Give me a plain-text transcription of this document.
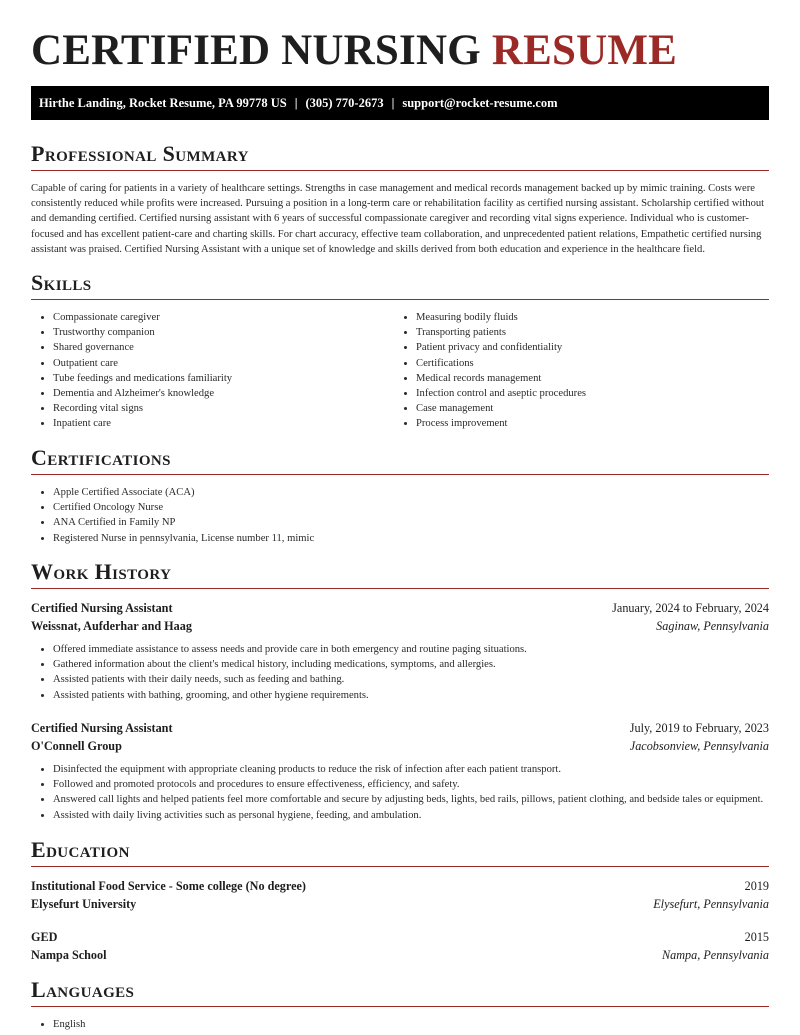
CERTIFIED NURSING RESUME
Hirthe Landing, Rocket Resume, PA 99778 US | (305) 770-2673 | support@rocket-resume.com
Professional Summary

Capable of caring for patients in a variety of healthcare settings. Strengths in case management and medical records management backed up by mimic training. Costs were consistently reduced while profits were increased. Pursuing a position in a long-term care or rehabilitation facility as certified nursing assistant. Scholarship certified without and demanding certified. Certified nursing assistant with 6 years of successful compassionate caregiver and recording vital signs experience. Individual who is customer-focused and has excellent patient-care and charting skills. For chart accuracy, effective team collaboration, and unprecedented patient relations, Empathetic certified nursing assistant was praised. Certified Nursing Assistant with a unique set of knowledge and skills derived from both education and experience in the healthcare field.

Skills
• Compassionate caregiver
• Trustworthy companion
• Shared governance
• Outpatient care
• Tube feedings and medications familiarity
• Dementia and Alzheimer's knowledge
• Recording vital signs
• Inpatient care
• Measuring bodily fluids
• Transporting patients
• Patient privacy and confidentiality
• Certifications
• Medical records management
• Infection control and aseptic procedures
• Case management
• Process improvement
Certifications
• Apple Certified Associate (ACA)
• Certified Oncology Nurse
• ANA Certified in Family NP
• Registered Nurse in pennsylvania, License number 11, mimic
Work History
Certified Nursing Assistant	January, 2024 to February, 2024
Weissnat, Aufderhar and Haag	Saginaw, Pennsylvania
• Offered immediate assistance to assess needs and provide care in both emergency and routine paging situations.
• Gathered information about the client's medical history, including medications, symptoms, and allergies.
• Assisted patients with their daily needs, such as feeding and bathing.
• Assisted patients with bathing, grooming, and other hygiene requirements.
Certified Nursing Assistant	July, 2019 to February, 2023
O'Connell Group	Jacobsonview, Pennsylvania
• Disinfected the equipment with appropriate cleaning products to reduce the risk of infection after each patient transport.
• Followed and promoted protocols and procedures to ensure effectiveness, efficiency, and safety.
• Answered call lights and helped patients feel more comfortable and secure by adjusting beds, lights, bed rails, pillows, patient clothing, and bedside tales or equipment.
• Assisted with daily living activities such as personal hygiene, feeding, and ambulation.
Education
Institutional Food Service - Some college (No degree)	2019
Elysefurt University	Elysefurt, Pennsylvania
GED	2015
Nampa School	Nampa, Pennsylvania
Languages
• English
